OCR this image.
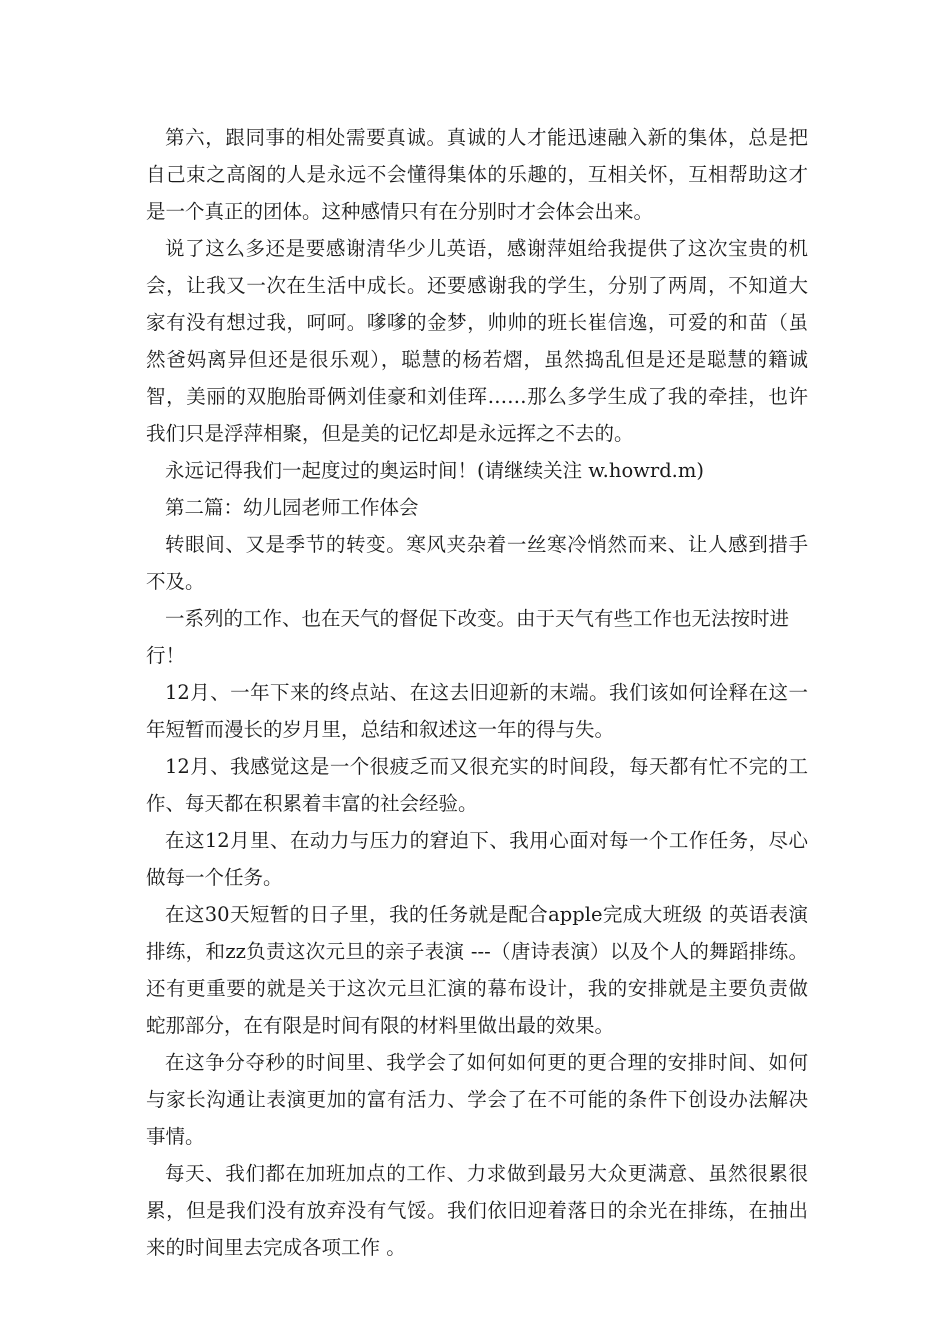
第六，跟同事的相处需要真诚。真诚的人才能迅速融入新的集体，总是把自己束之高阁的人是永远不会懂得集体的乐趣的，互相关怀，互相帮助这才是一个真正的团体。这种感情只有在分别时才会体会出来。

说了这么多还是要感谢清华少儿英语，感谢萍姐给我提供了这次宝贵的机会，让我又一次在生活中成长。还要感谢我的学生，分别了两周，不知道大家有没有想过我，呵呵。嗲嗲的金梦，帅帅的班长崔信逸，可爱的和苗（虽然爸妈离异但还是很乐观），聪慧的杨若熠，虽然捣乱但是还是聪慧的籍诚智，美丽的双胞胎哥俩刘佳豪和刘佳珲……那么多学生成了我的牵挂，也许我们只是浮萍相聚，但是美的记忆却是永远挥之不去的。

永远记得我们一起度过的奥运时间！(请继续关注 w.howrd.m)

第二篇：幼儿园老师工作体会

转眼间、又是季节的转变。寒风夹杂着一丝寒冷悄然而来、让人感到措手不及。

一系列的工作、也在天气的督促下改变。由于天气有些工作也无法按时进行！

12月、一年下来的终点站、在这去旧迎新的末端。我们该如何诠释在这一年短暂而漫长的岁月里，总结和叙述这一年的得与失。

12月、我感觉这是一个很疲乏而又很充实的时间段，每天都有忙不完的工作、每天都在积累着丰富的社会经验。

在这12月里、在动力与压力的窘迫下、我用心面对每一个工作任务，尽心做每一个任务。

在这30天短暂的日子里，我的任务就是配合apple完成大班级 的英语表演排练，和zz负责这次元旦的亲子表演 ---（唐诗表演）以及个人的舞蹈排练。还有更重要的就是关于这次元旦汇演的幕布设计，我的安排就是主要负责做蛇那部分，在有限是时间有限的材料里做出最的效果。

在这争分夺秒的时间里、我学会了如何如何更的更合理的安排时间、如何与家长沟通让表演更加的富有活力、学会了在不可能的条件下创设办法解决事情。

每天、我们都在加班加点的工作、力求做到最另大众更满意、虽然很累很累，但是我们没有放弃没有气馁。我们依旧迎着落日的余光在排练，在抽出来的时间里去完成各项工作 。
